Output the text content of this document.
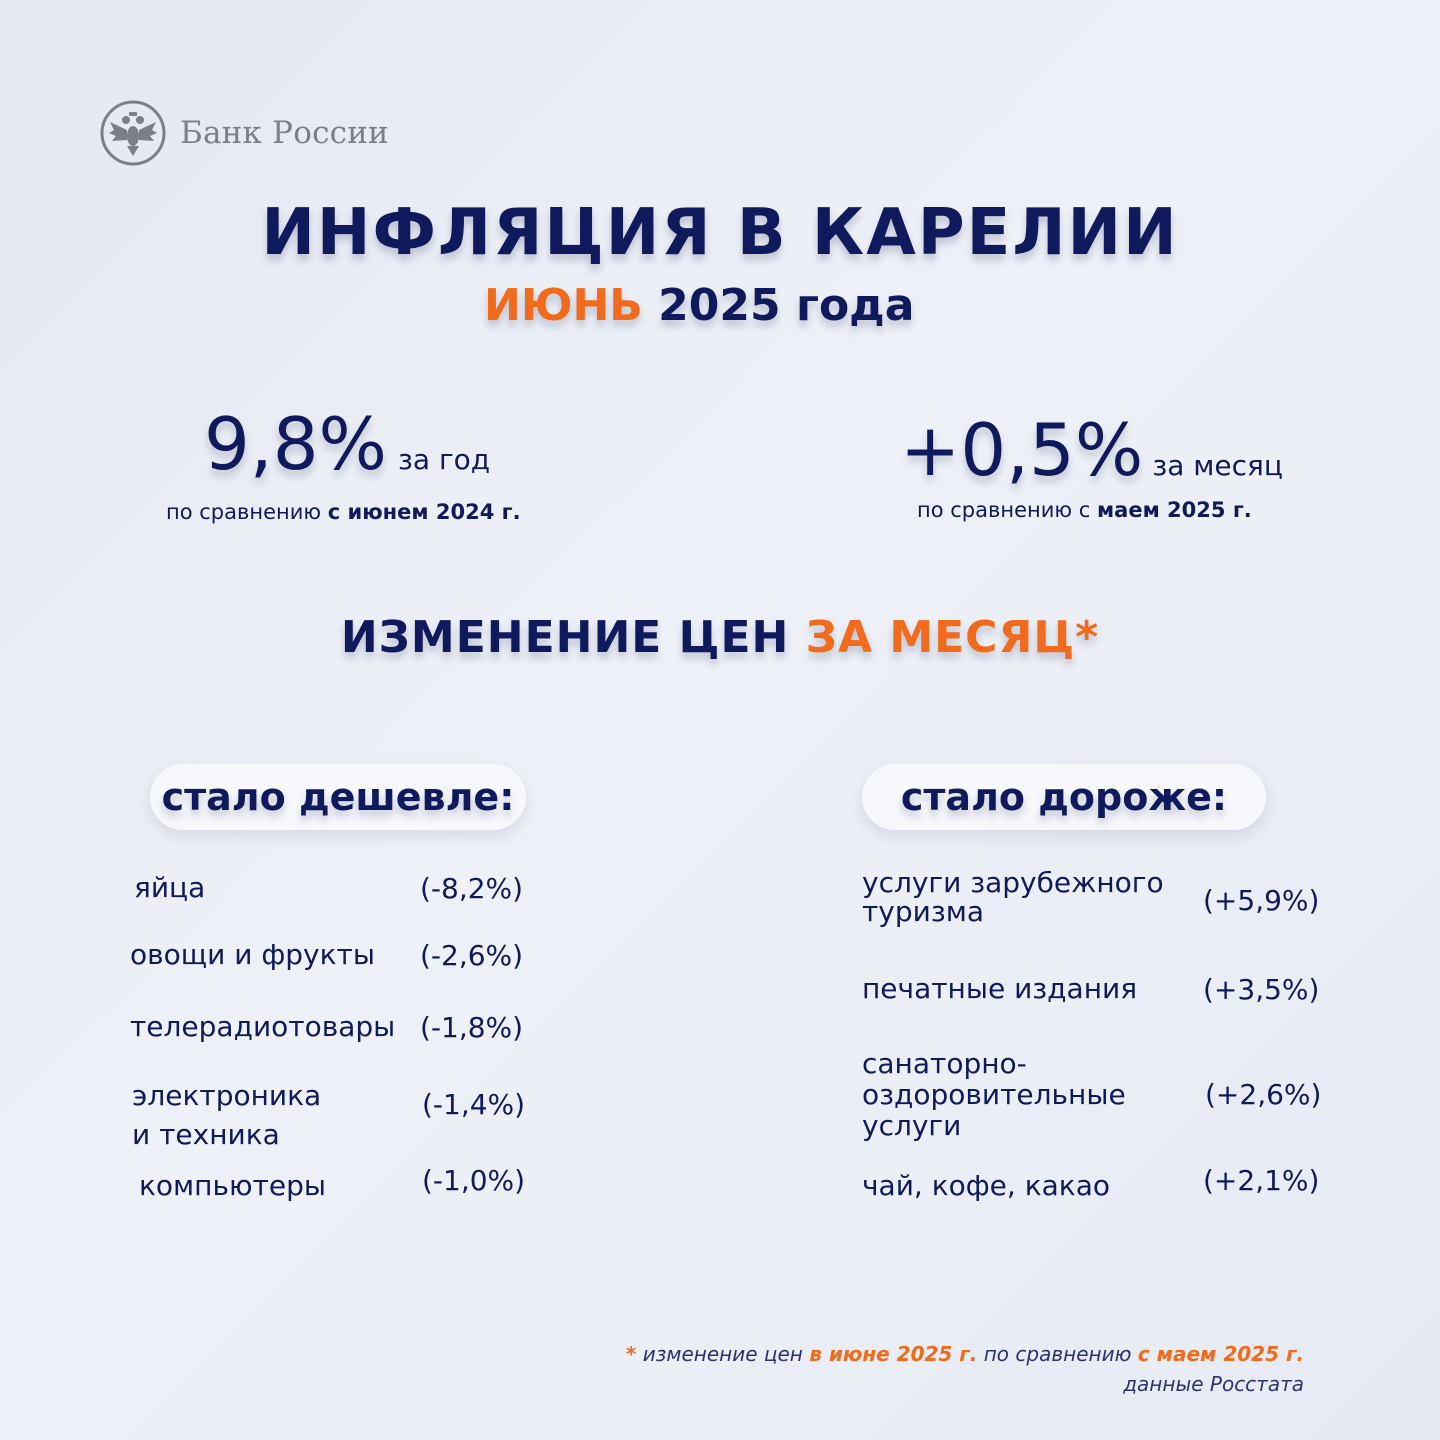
Банк России
ИНФЛЯЦИЯ В КАРЕЛИИ
ИЮНЬ 2025 года
9,8% за год
по сравнению с июнем 2024 г.
+0,5% за месяц
по сравнению с маем 2025 г.
ИЗМЕНЕНИЕ ЦЕН ЗА МЕСЯЦ*
стало дешевле:	стало дороже:
яйца	(-8,2%)
овощи и фрукты (-2,6%)
телерадиотовары (-1,8%)
электроника
и техника
(-1,4%)
компьютеры	(-1,0%)
услуги зарубежного
туризма	(+5,9%)
печатные издания (+3,5%)
санаторно-
оздоровительные
услуги
(+2,6%)
чай, кофе, какао	(+2,1%)
* изменение цен в июне 2025 г. по сравнению с маем 2025 г.
данные Росстата
